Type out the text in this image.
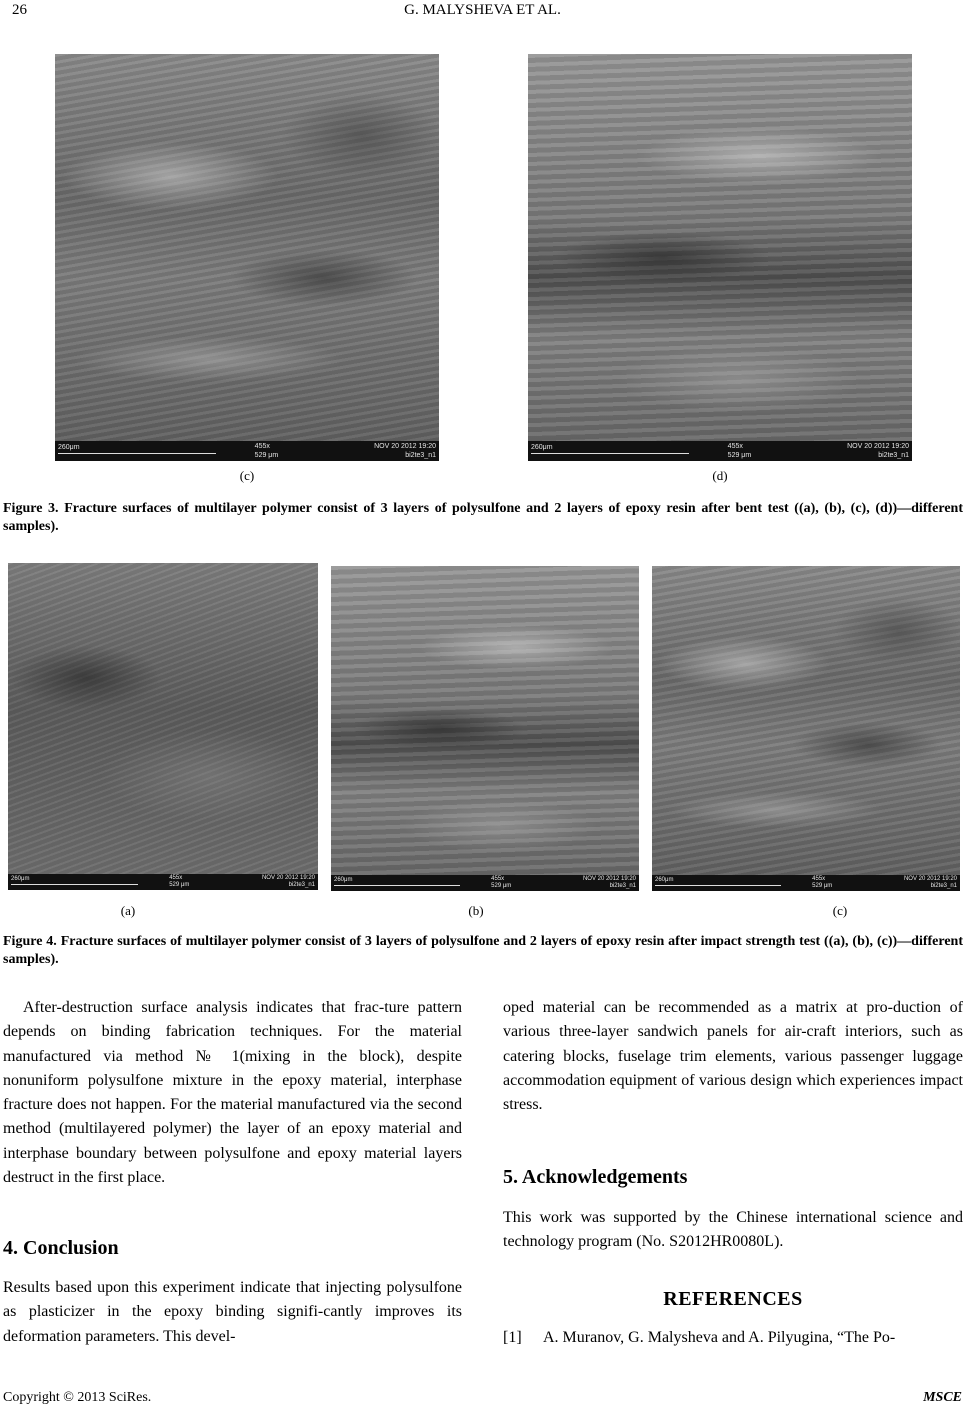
26	G. MALYSHEVA ET AL.
260μm	455x
529 μm
NOV 20 2012 19:20
bi2te3_n1
(c)
260μm	455x
529 μm
NOV 20 2012 19:20
bi2te3_n1
(d)
Figure 3. Fracture surfaces of multilayer polymer consist of 3 layers of polysulfone and 2 layers of epoxy resin after bent test ((a), (b), (c), (d))—different samples).
260μm	455x
529 μm
NOV 20 2012 19:20
bi2te3_n1
(a)
260μm	455x
529 μm
NOV 20 2012 19:20
bi2te3_n1
(b)
260μm	455x
529 μm
NOV 20 2012 19:20
bi2te3_n1
(c)
Figure 4. Fracture surfaces of multilayer polymer consist of 3 layers of polysulfone and 2 layers of epoxy resin after impact strength test ((a), (b), (c))—different samples).

After-destruction surface analysis indicates that frac-ture pattern depends on binding fabrication techniques. For the material manufactured via method № 1(mixing in the block), despite nonuniform polysulfone mixture in the epoxy material, interphase fracture does not happen. For the material manufactured via the second method (multilayered polymer) the layer of an epoxy material and interphase boundary between polysulfone and epoxy material layers destruct in the first place.

4. Conclusion

Results based upon this experiment indicate that injecting polysulfone as plasticizer in the epoxy binding signifi-cantly improves its deformation parameters. This devel-

oped material can be recommended as a matrix at pro-duction of various three-layer sandwich panels for air-craft interiors, such as catering blocks, fuselage trim elements, various passenger luggage accommodation equipment of various design which experiences impact stress.

5. Acknowledgements

This work was supported by the Chinese international science and technology program (No. S2012HR0080L).

REFERENCES
[1] A. Muranov, G. Malysheva and A. Pilyugina, “The Po-
Copyright © 2013 SciRes.	MSCE
